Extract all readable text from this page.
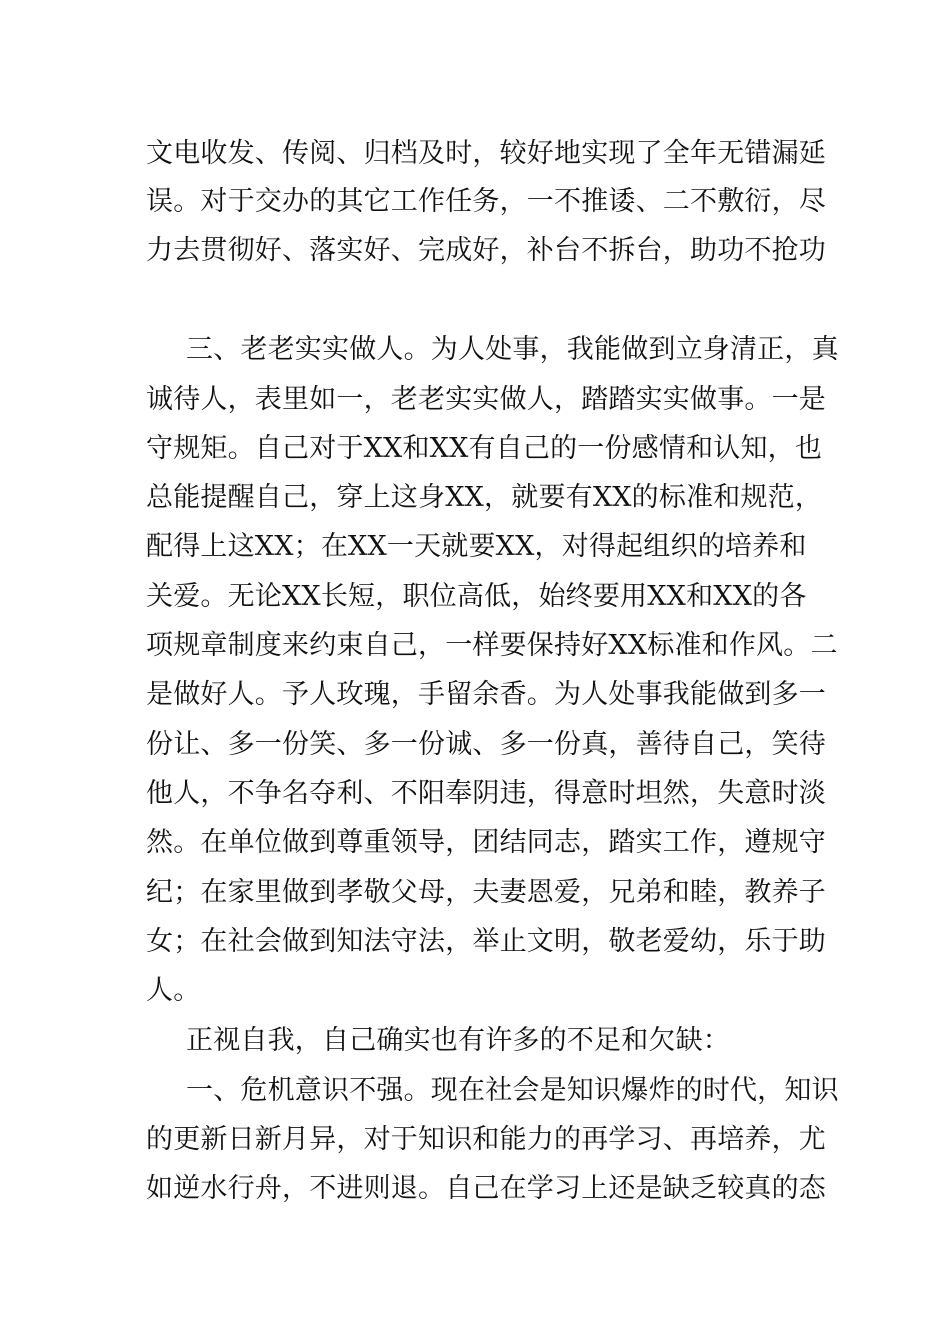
文电收发、传阅、归档及时，较好地实现了全年无错漏延
误。对于交办的其它工作任务，一不推诿、二不敷衍，尽
力去贯彻好、落实好、完成好，补台不拆台，助功不抢功
三、老老实实做人。为人处事，我能做到立身清正，真
诚待人，表里如一，老老实实做人，踏踏实实做事。一是
守规矩。自己对于XX和XX有自己的一份感情和认知，也
总能提醒自己，穿上这身XX，就要有XX的标准和规范，
配得上这XX；在XX一天就要XX，对得起组织的培养和
关爱。无论XX长短，职位高低，始终要用XX和XX的各
项规章制度来约束自己，一样要保持好XX标准和作风。二
是做好人。予人玫瑰，手留余香。为人处事我能做到多一
份让、多一份笑、多一份诚、多一份真，善待自己，笑待
他人，不争名夺利、不阳奉阴违，得意时坦然，失意时淡
然。在单位做到尊重领导，团结同志，踏实工作，遵规守
纪；在家里做到孝敬父母，夫妻恩爱，兄弟和睦，教养子
女；在社会做到知法守法，举止文明，敬老爱幼，乐于助
人。
正视自我，自己确实也有许多的不足和欠缺：
一、危机意识不强。现在社会是知识爆炸的时代，知识
的更新日新月异，对于知识和能力的再学习、再培养，尤
如逆水行舟，不进则退。自己在学习上还是缺乏较真的态
